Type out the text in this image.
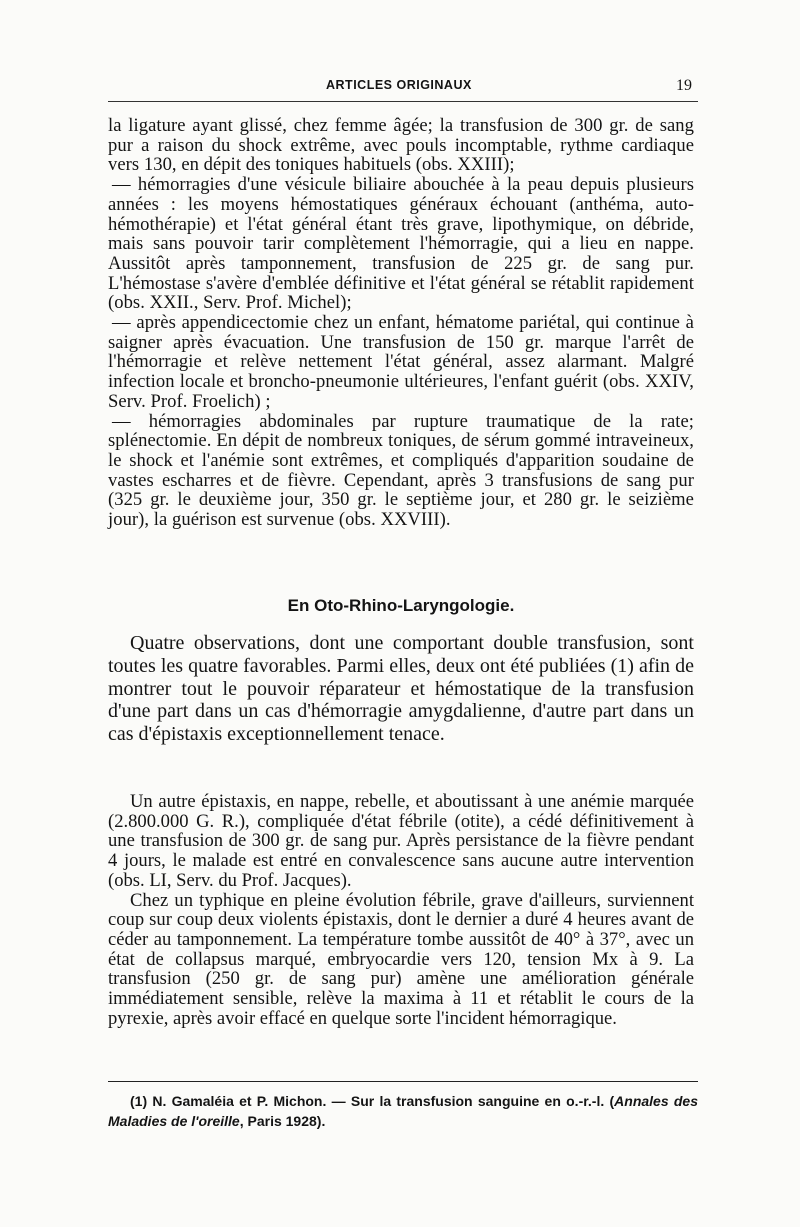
ARTICLES ORIGINAUX	19

la ligature ayant glissé, chez femme âgée; la transfusion de 300 gr. de sang pur a raison du shock extrême, avec pouls incomptable, rythme cardiaque vers 130, en dépit des toniques habituels (obs. XXIII);

— hémorragies d'une vésicule biliaire abouchée à la peau depuis plusieurs années : les moyens hémostatiques généraux échouant (anthéma, auto-hémothérapie) et l'état général étant très grave, lipothymique, on débride, mais sans pouvoir tarir complètement l'hémorragie, qui a lieu en nappe. Aussitôt après tamponnement, transfusion de 225 gr. de sang pur. L'hémostase s'avère d'emblée définitive et l'état général se rétablit rapidement (obs. XXII., Serv. Prof. Michel);

— après appendicectomie chez un enfant, hématome pariétal, qui continue à saigner après évacuation. Une transfusion de 150 gr. marque l'arrêt de l'hémorragie et relève nettement l'état général, assez alarmant. Malgré infection locale et broncho-pneumonie ultérieures, l'enfant guérit (obs. XXIV, Serv. Prof. Froelich) ;

— hémorragies abdominales par rupture traumatique de la rate; splénectomie. En dépit de nombreux toniques, de sérum gommé intraveineux, le shock et l'anémie sont extrêmes, et compliqués d'apparition soudaine de vastes escharres et de fièvre. Cependant, après 3 transfusions de sang pur (325 gr. le deuxième jour, 350 gr. le septième jour, et 280 gr. le seizième jour), la guérison est survenue (obs. XXVIII).

En Oto-Rhino-Laryngologie.

Quatre observations, dont une comportant double transfusion, sont toutes les quatre favorables. Parmi elles, deux ont été publiées (1) afin de montrer tout le pouvoir réparateur et hémostatique de la transfusion d'une part dans un cas d'hémorragie amygdalienne, d'autre part dans un cas d'épistaxis exceptionnellement tenace.

Un autre épistaxis, en nappe, rebelle, et aboutissant à une anémie marquée (2.800.000 G. R.), compliquée d'état fébrile (otite), a cédé définitivement à une transfusion de 300 gr. de sang pur. Après persistance de la fièvre pendant 4 jours, le malade est entré en convalescence sans aucune autre intervention (obs. LI, Serv. du Prof. Jacques).

Chez un typhique en pleine évolution fébrile, grave d'ailleurs, surviennent coup sur coup deux violents épistaxis, dont le dernier a duré 4 heures avant de céder au tamponnement. La température tombe aussitôt de 40° à 37°, avec un état de collapsus marqué, embryocardie vers 120, tension Mx à 9. La transfusion (250 gr. de sang pur) amène une amélioration générale immédiatement sensible, relève la maxima à 11 et rétablit le cours de la pyrexie, après avoir effacé en quelque sorte l'incident hémorragique.

(1) N. Gamaléia et P. Michon. — Sur la transfusion sanguine en o.-r.-l. (Annales des Maladies de l'oreille, Paris 1928).
